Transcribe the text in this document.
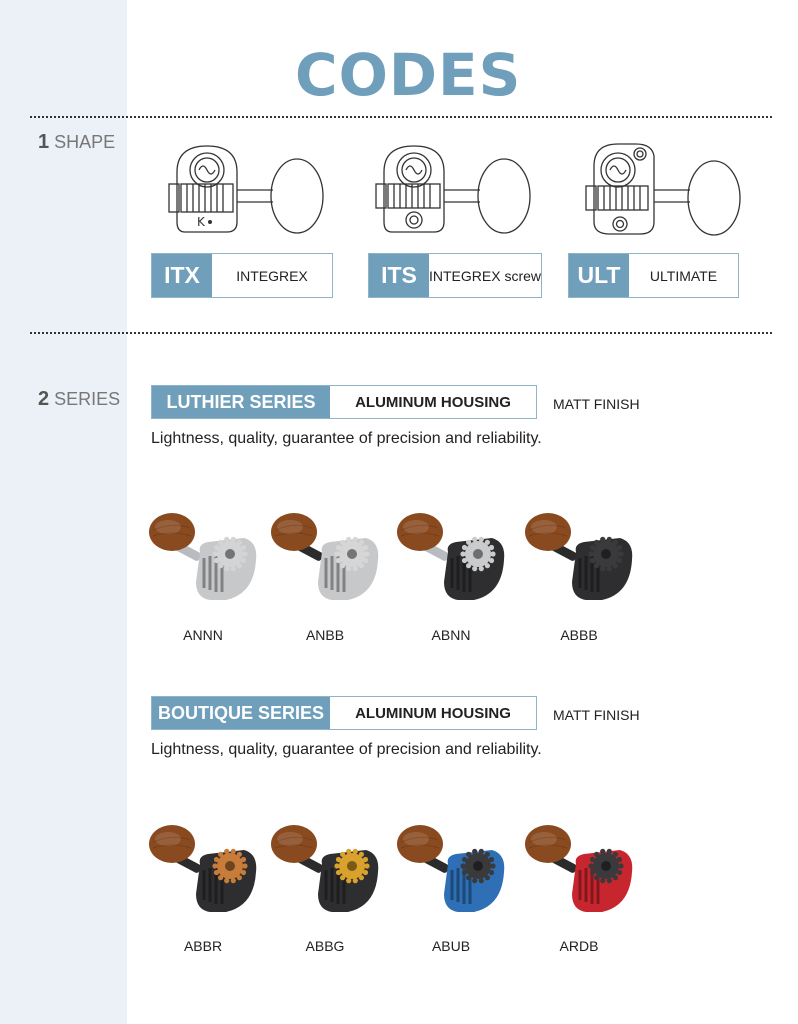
CODES
1 SHAPE
K
ITX	INTEGREX	ITS INTEGREX screw	ULT	ULTIMATE
2 SERIES	LUTHIER SERIES	ALUMINUM HOUSING	MATT FINISH
Lightness, quality, guarantee of precision and reliability.
BOUTIQUE SERIES	ALUMINUM HOUSING	MATT FINISH
Lightness, quality, guarantee of precision and reliability.
ANNN	ANBB	ABNN	ABBB
ABBR	ABBG	ABUB	ARDB
